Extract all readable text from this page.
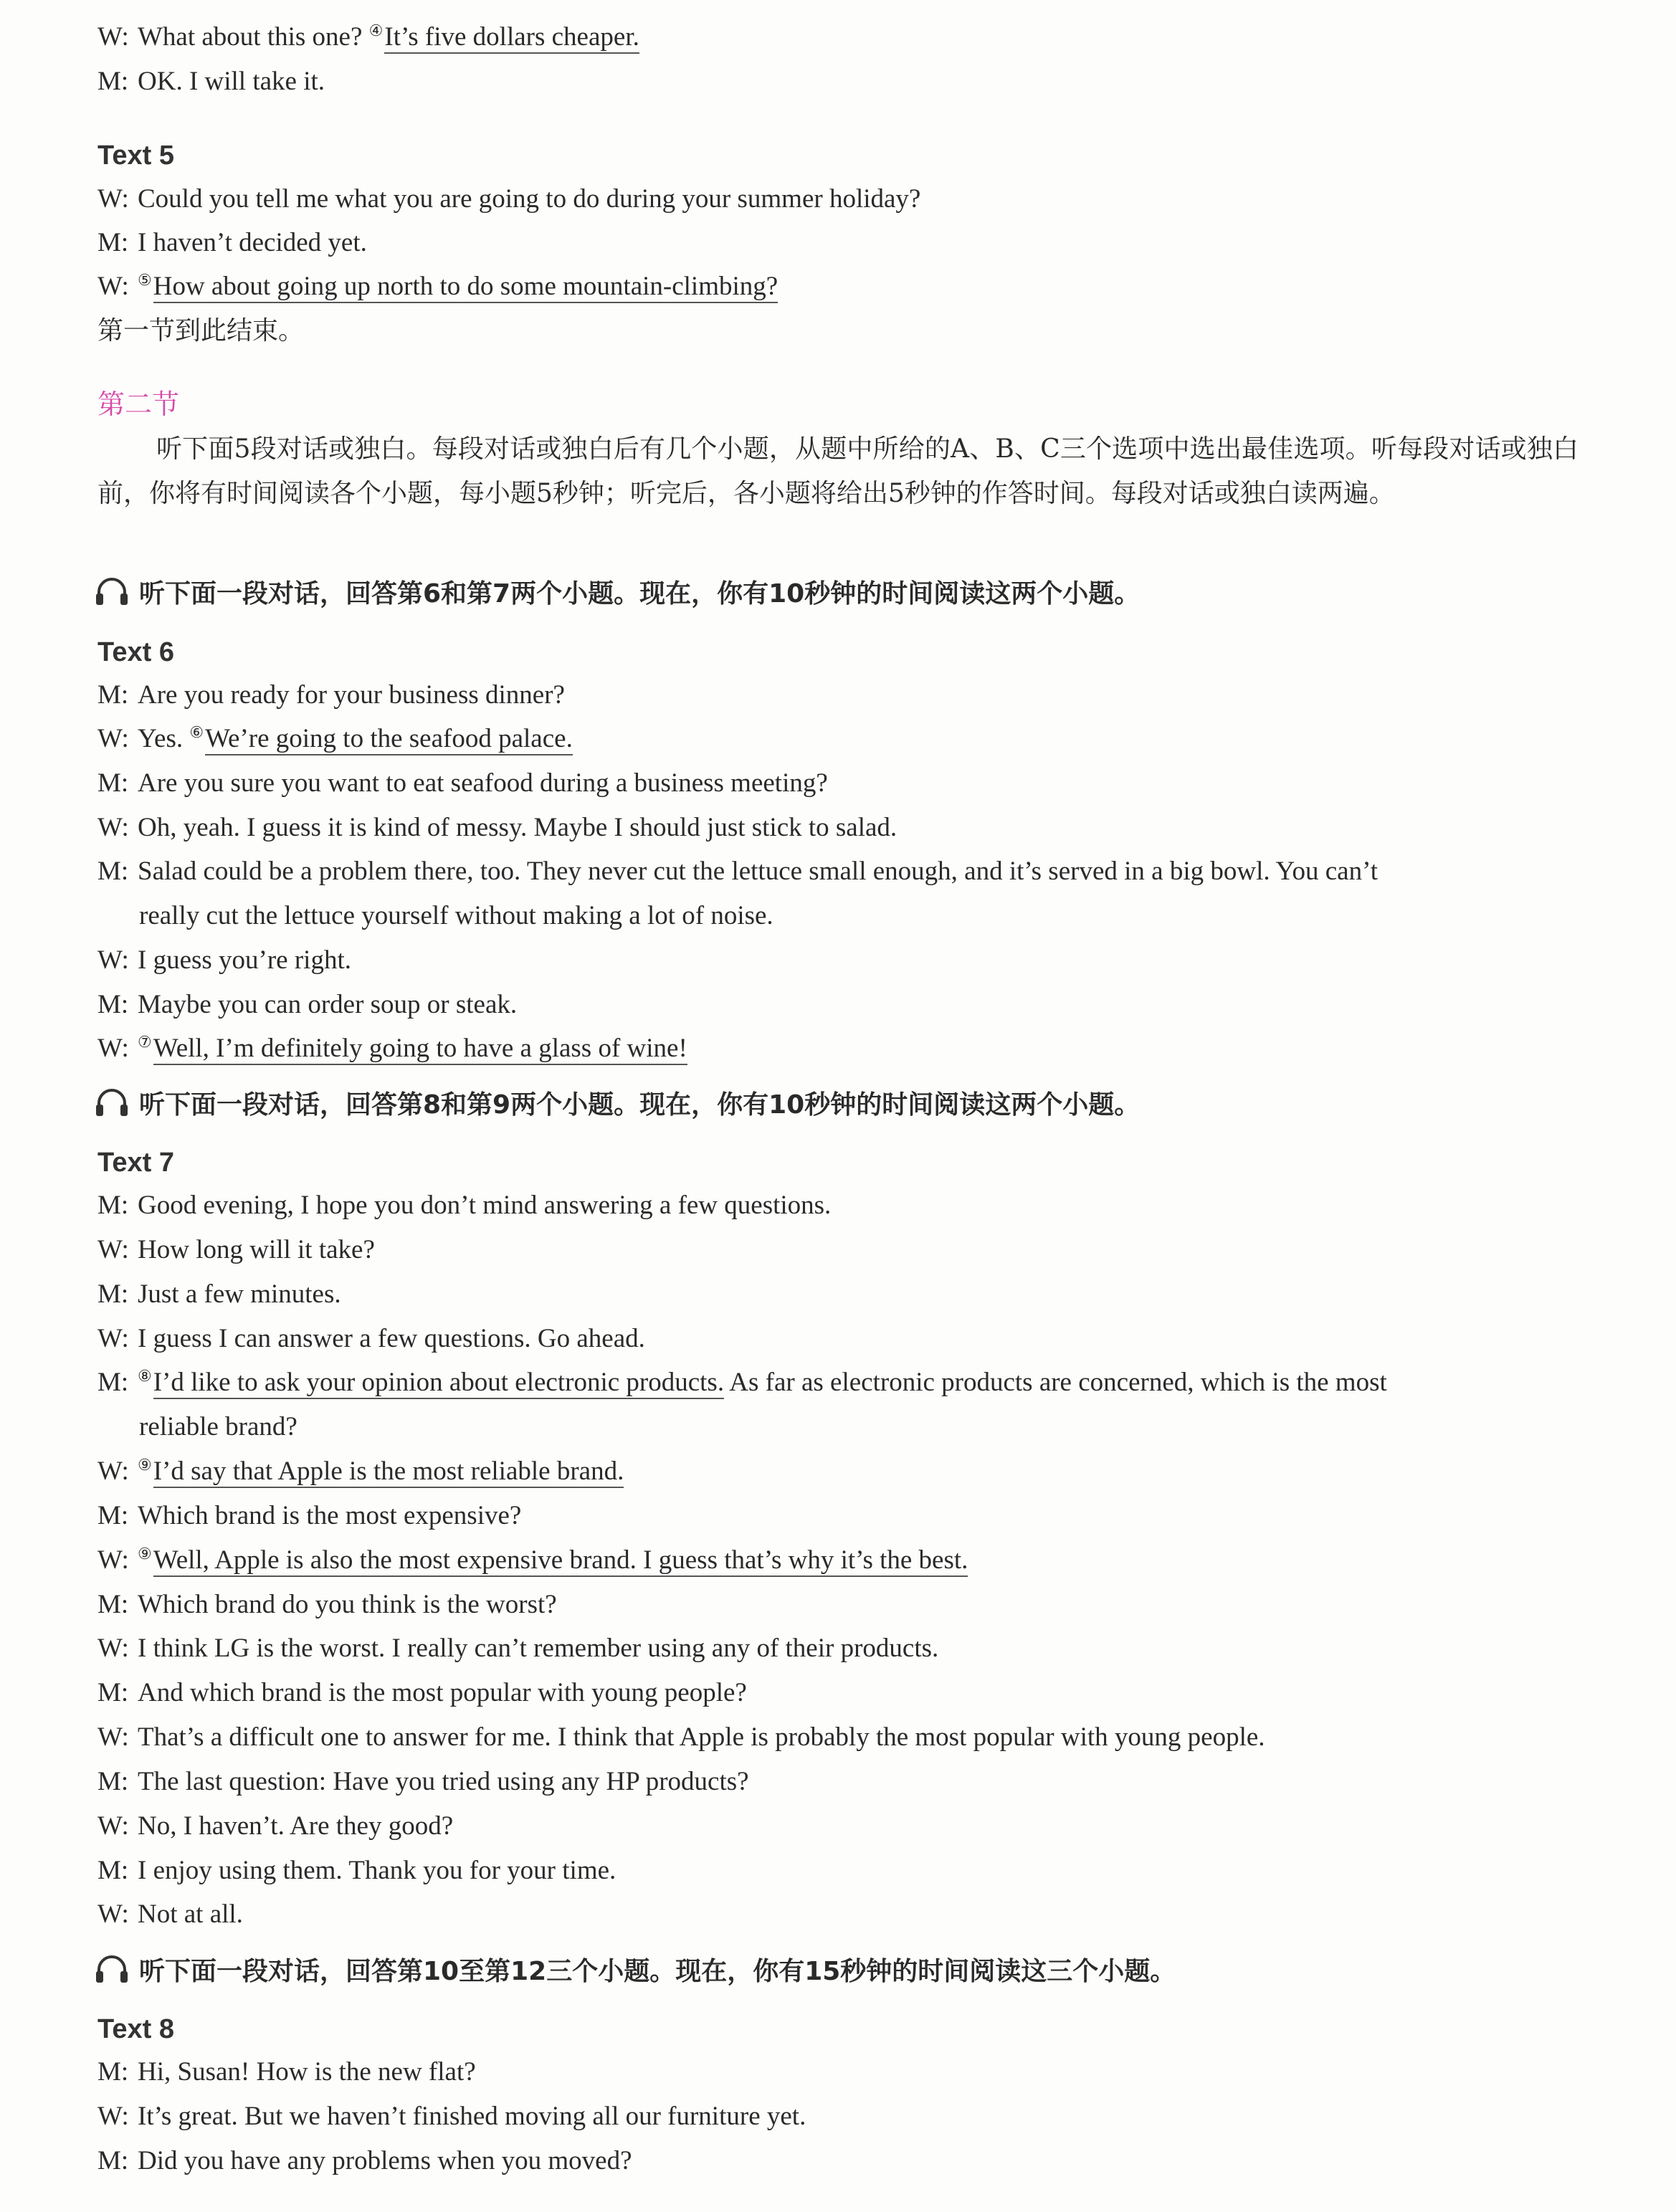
W: What about this one? ④It’s five dollars cheaper.
M: OK. I will take it.
Text 5
W: Could you tell me what you are going to do during your summer holiday?
M: I haven’t decided yet.
W: ⑤How about going up north to do some mountain-climbing?
第一节到此结束。
第二节
听下面5段对话或独白。每段对话或独白后有几个小题，从题中所给的A、B、C三个选项中选出最佳选项。听每段对话或独白前，你将有时间阅读各个小题，每小题5秒钟；听完后，各小题将给出5秒钟的作答时间。每段对话或独白读两遍。
听下面一段对话，回答第6和第7两个小题。现在，你有10秒钟的时间阅读这两个小题。
Text 6
M: Are you ready for your business dinner?
W: Yes. ⑥We’re going to the seafood palace.
M: Are you sure you want to eat seafood during a business meeting?
W: Oh, yeah. I guess it is kind of messy. Maybe I should just stick to salad.
M: Salad could be a problem there, too. They never cut the lettuce small enough, and it’s served in a big bowl. You can’t
really cut the lettuce yourself without making a lot of noise.
W: I guess you’re right.
M: Maybe you can order soup or steak.
W: ⑦Well, I’m definitely going to have a glass of wine!
听下面一段对话，回答第8和第9两个小题。现在，你有10秒钟的时间阅读这两个小题。
Text 7
M: Good evening, I hope you don’t mind answering a few questions.
W: How long will it take?
M: Just a few minutes.
W: I guess I can answer a few questions. Go ahead.
M: ⑧I’d like to ask your opinion about electronic products. As far as electronic products are concerned, which is the most
reliable brand?
W: ⑨I’d say that Apple is the most reliable brand.
M: Which brand is the most expensive?
W: ⑨Well, Apple is also the most expensive brand. I guess that’s why it’s the best.
M: Which brand do you think is the worst?
W: I think LG is the worst. I really can’t remember using any of their products.
M: And which brand is the most popular with young people?
W: That’s a difficult one to answer for me. I think that Apple is probably the most popular with young people.
M: The last question: Have you tried using any HP products?
W: No, I haven’t. Are they good?
M: I enjoy using them. Thank you for your time.
W: Not at all.
听下面一段对话，回答第10至第12三个小题。现在，你有15秒钟的时间阅读这三个小题。
Text 8
M: Hi, Susan! How is the new flat?
W: It’s great. But we haven’t finished moving all our furniture yet.
M: Did you have any problems when you moved?
